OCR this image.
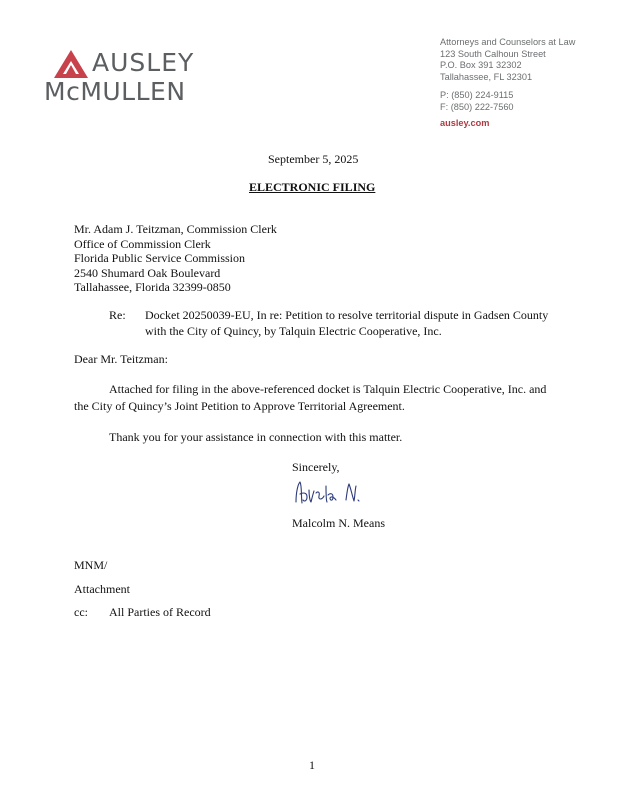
AUSLEY
McMULLEN
Attorneys and Counselors at Law
123 South Calhoun Street
P.O. Box 391 32302
Tallahassee, FL 32301
P: (850) 224-9115
F: (850) 222-7560
ausley.com
September 5, 2025
ELECTRONIC FILING
Mr. Adam J. Teitzman, Commission Clerk
Office of Commission Clerk
Florida Public Service Commission
2540 Shumard Oak Boulevard
Tallahassee, Florida 32399-0850
Re: Docket 20250039-EU, In re: Petition to resolve territorial dispute in Gadsen County
with the City of Quincy, by Talquin Electric Cooperative, Inc.
Dear Mr. Teitzman:
Attached for filing in the above-referenced docket is Talquin Electric Cooperative, Inc. and
the City of Quincy’s Joint Petition to Approve Territorial Agreement.
Thank you for your assistance in connection with this matter.
Sincerely,
Malcolm N. Means
MNM/
Attachment
cc: All Parties of Record
1
